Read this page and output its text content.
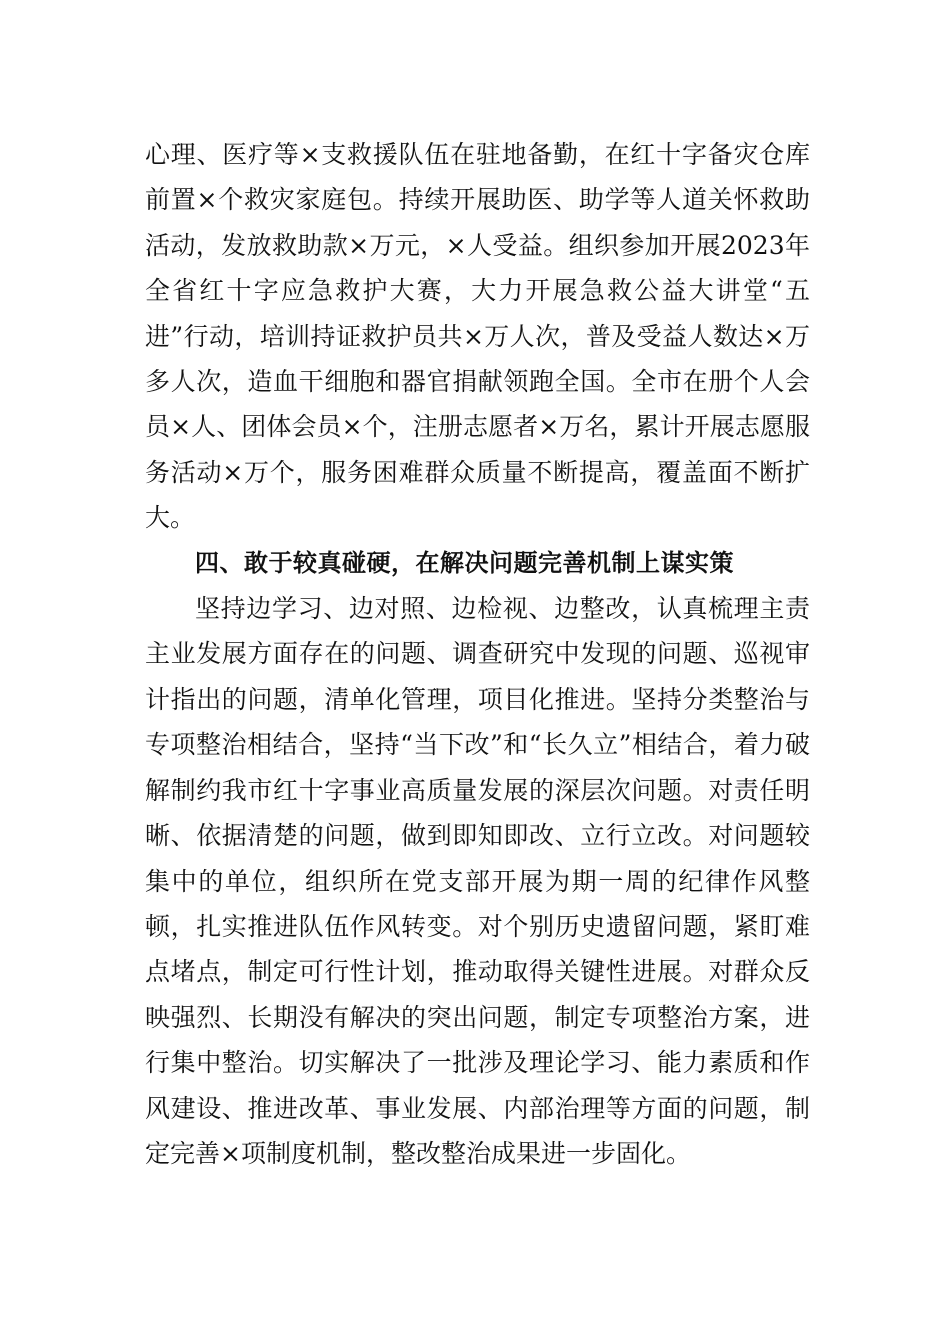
心理、医疗等×支救援队伍在驻地备勤，在红十字备灾仓库前置×个救灾家庭包。持续开展助医、助学等人道关怀救助活动，发放救助款×万元，×人受益。组织参加开展2023年全省红十字应急救护大赛，大力开展急救公益大讲堂“五进”行动，培训持证救护员共×万人次，普及受益人数达×万多人次，造血干细胞和器官捐献领跑全国。全市在册个人会员×人、团体会员×个，注册志愿者×万名，累计开展志愿服务活动×万个，服务困难群众质量不断提高，覆盖面不断扩大。

四、敢于较真碰硬，在解决问题完善机制上谋实策

坚持边学习、边对照、边检视、边整改，认真梳理主责主业发展方面存在的问题、调查研究中发现的问题、巡视审计指出的问题，清单化管理，项目化推进。坚持分类整治与专项整治相结合，坚持“当下改”和“长久立”相结合，着力破解制约我市红十字事业高质量发展的深层次问题。对责任明晰、依据清楚的问题，做到即知即改、立行立改。对问题较集中的单位，组织所在党支部开展为期一周的纪律作风整顿，扎实推进队伍作风转变。对个别历史遗留问题，紧盯难点堵点，制定可行性计划，推动取得关键性进展。对群众反映强烈、长期没有解决的突出问题，制定专项整治方案，进行集中整治。切实解决了一批涉及理论学习、能力素质和作风建设、推进改革、事业发展、内部治理等方面的问题，制定完善×项制度机制，整改整治成果进一步固化。
